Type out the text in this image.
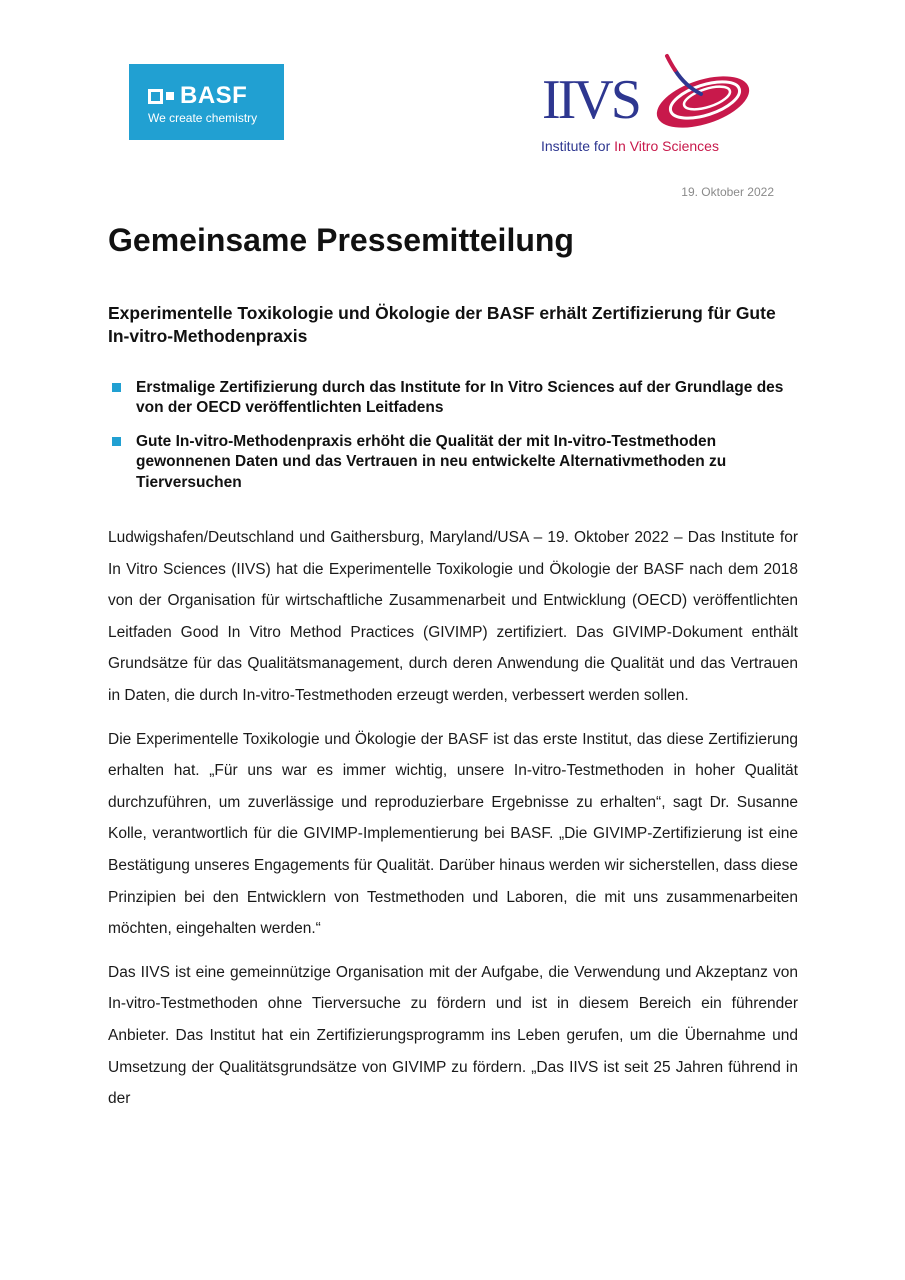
BASF
We create chemistry	IIVS
Institute for In Vitro Sciences
19. Oktober 2022
Gemeinsame Pressemitteilung

Experimentelle Toxikologie und Ökologie der BASF erhält Zertifizierung für Gute In-vitro-Methodenpraxis

Erstmalige Zertifizierung durch das Institute for In Vitro Sciences auf der Grundlage des von der OECD veröffentlichten Leitfadens
Gute In-vitro-Methodenpraxis erhöht die Qualität der mit In-vitro-Testmethoden gewonnenen Daten und das Vertrauen in neu entwickelte Alternativmethoden zu Tierversuchen

Ludwigshafen/Deutschland und Gaithersburg, Maryland/USA – 19. Oktober 2022 – Das Institute for In Vitro Sciences (IIVS) hat die Experimentelle Toxikologie und Ökologie der BASF nach dem 2018 von der Organisation für wirtschaftliche Zusammenarbeit und Entwicklung (OECD) veröffentlichten Leitfaden Good In Vitro Method Practices (GIVIMP) zertifiziert. Das GIVIMP-Dokument enthält Grundsätze für das Qualitätsmanagement, durch deren Anwendung die Qualität und das Vertrauen in Daten, die durch In-vitro-Testmethoden erzeugt werden, verbessert werden sollen.

Die Experimentelle Toxikologie und Ökologie der BASF ist das erste Institut, das diese Zertifizierung erhalten hat. „Für uns war es immer wichtig, unsere In-vitro-Testmethoden in hoher Qualität durchzuführen, um zuverlässige und reproduzierbare Ergebnisse zu erhalten“, sagt Dr. Susanne Kolle, verantwortlich für die GIVIMP-Implementierung bei BASF. „Die GIVIMP-Zertifizierung ist eine Bestätigung unseres Engagements für Qualität. Darüber hinaus werden wir sicherstellen, dass diese Prinzipien bei den Entwicklern von Testmethoden und Laboren, die mit uns zusammenarbeiten möchten, eingehalten werden.“

Das IIVS ist eine gemeinnützige Organisation mit der Aufgabe, die Verwendung und Akzeptanz von In-vitro-Testmethoden ohne Tierversuche zu fördern und ist in diesem Bereich ein führender Anbieter. Das Institut hat ein Zertifizierungsprogramm ins Leben gerufen, um die Übernahme und Umsetzung der Qualitätsgrundsätze von GIVIMP zu fördern. „Das IIVS ist seit 25 Jahren führend in der
